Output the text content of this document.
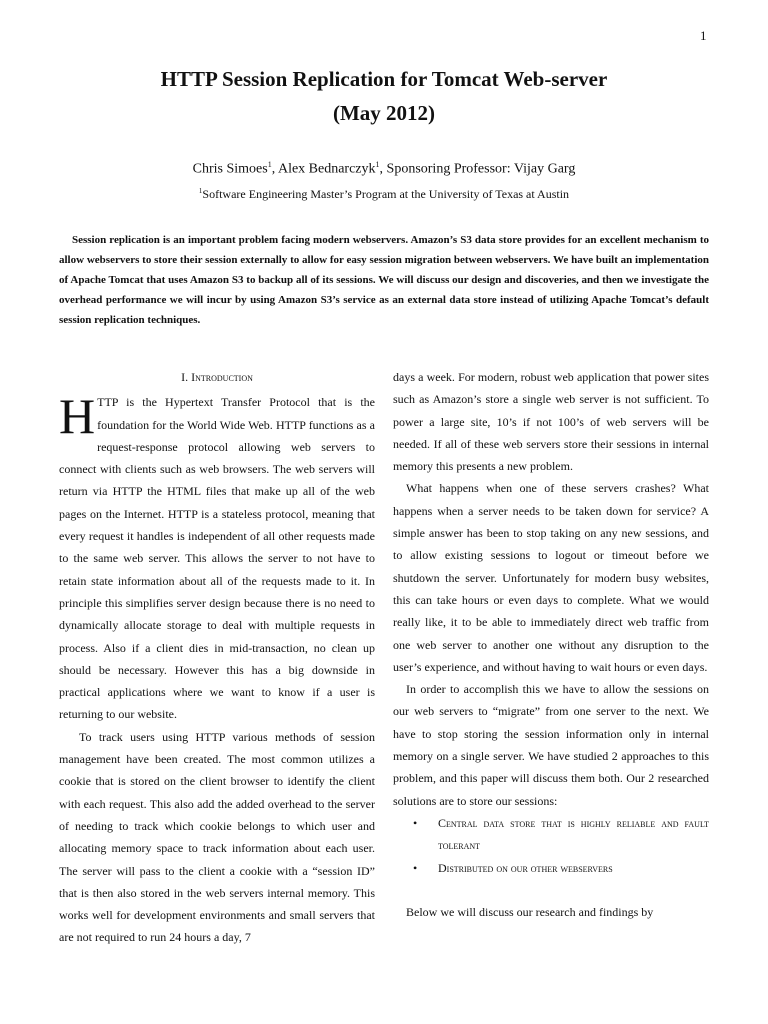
1
HTTP Session Replication for Tomcat Web-server
(May 2012)
Chris Simoes$^1$, Alex Bednarczyk$^1$, Sponsoring Professor: Vijay Garg
$^1$Software Engineering Master’s Program at the University of Texas at Austin
Session replication is an important problem facing modern webservers. Amazon’s S3 data store provides for an excellent mechanism to allow webservers to store their session externally to allow for easy session migration between webservers. We have built an implementation of Apache Tomcat that uses Amazon S3 to backup all of its sessions. We will discuss our design and discoveries, and then we investigate the overhead performance we will incur by using Amazon S3’s service as an external data store instead of utilizing Apache Tomcat’s default session replication techniques.
I. Introduction

HTTP is the Hypertext Transfer Protocol that is the foundation for the World Wide Web. HTTP functions as a request-response protocol allowing web servers to connect with clients such as web browsers. The web servers will return via HTTP the HTML files that make up all of the web pages on the Internet. HTTP is a stateless protocol, meaning that every request it handles is independent of all other requests made to the same web server. This allows the server to not have to retain state information about all of the requests made to it. In principle this simplifies server design because there is no need to dynamically allocate storage to deal with multiple requests in process. Also if a client dies in mid-transaction, no clean up should be necessary. However this has a big downside in practical applications where we want to know if a user is returning to our website.

To track users using HTTP various methods of session management have been created. The most common utilizes a cookie that is stored on the client browser to identify the client with each request. This also add the added overhead to the server of needing to track which cookie belongs to which user and allocating memory space to track information about each user. The server will pass to the client a cookie with a “session ID” that is then also stored in the web servers internal memory. This works well for development environments and small servers that are not required to run 24 hours a day, 7

days a week. For modern, robust web application that power sites such as Amazon’s store a single web server is not sufficient. To power a large site, 10’s if not 100’s of web servers will be needed. If all of these web servers store their sessions in internal memory this presents a new problem.

What happens when one of these servers crashes? What happens when a server needs to be taken down for service? A simple answer has been to stop taking on any new sessions, and to allow existing sessions to logout or timeout before we shutdown the server. Unfortunately for modern busy websites, this can take hours or even days to complete. What we would really like, it to be able to immediately direct web traffic from one web server to another one without any disruption to the user’s experience, and without having to wait hours or even days.

In order to accomplish this we have to allow the sessions on our web servers to “migrate” from one server to the next. We have to stop storing the session information only in internal memory on a single server. We have studied 2 approaches to this problem, and this paper will discuss them both. Our 2 researched solutions are to store our sessions:

• Central data store that is highly reliable and fault tolerant
• Distributed on our other webservers

Below we will discuss our research and findings by
